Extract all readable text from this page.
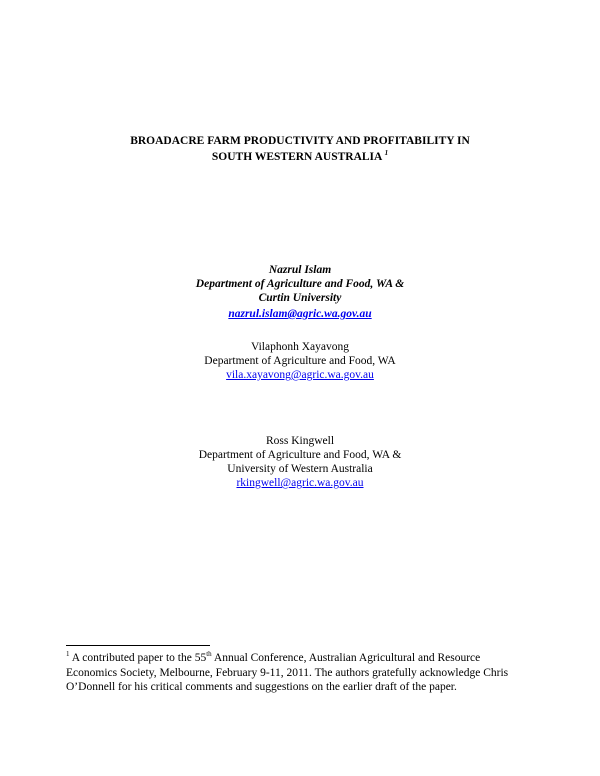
BROADACRE FARM PRODUCTIVITY AND PROFITABILITY IN
SOUTH WESTERN AUSTRALIA $^1$
Nazrul Islam
Department of Agriculture and Food, WA &
Curtin University
nazrul.islam@agric.wa.gov.au
Vilaphonh Xayavong
Department of Agriculture and Food, WA
vila.xayavong@agric.wa.gov.au
Ross Kingwell
Department of Agriculture and Food, WA &
University of Western Australia
rkingwell@agric.wa.gov.au
$^1$ A contributed paper to the 55th Annual Conference, Australian Agricultural and Resource
Economics Society, Melbourne, February 9-11, 2011. The authors gratefully acknowledge Chris
O’Donnell for his critical comments and suggestions on the earlier draft of the paper.
